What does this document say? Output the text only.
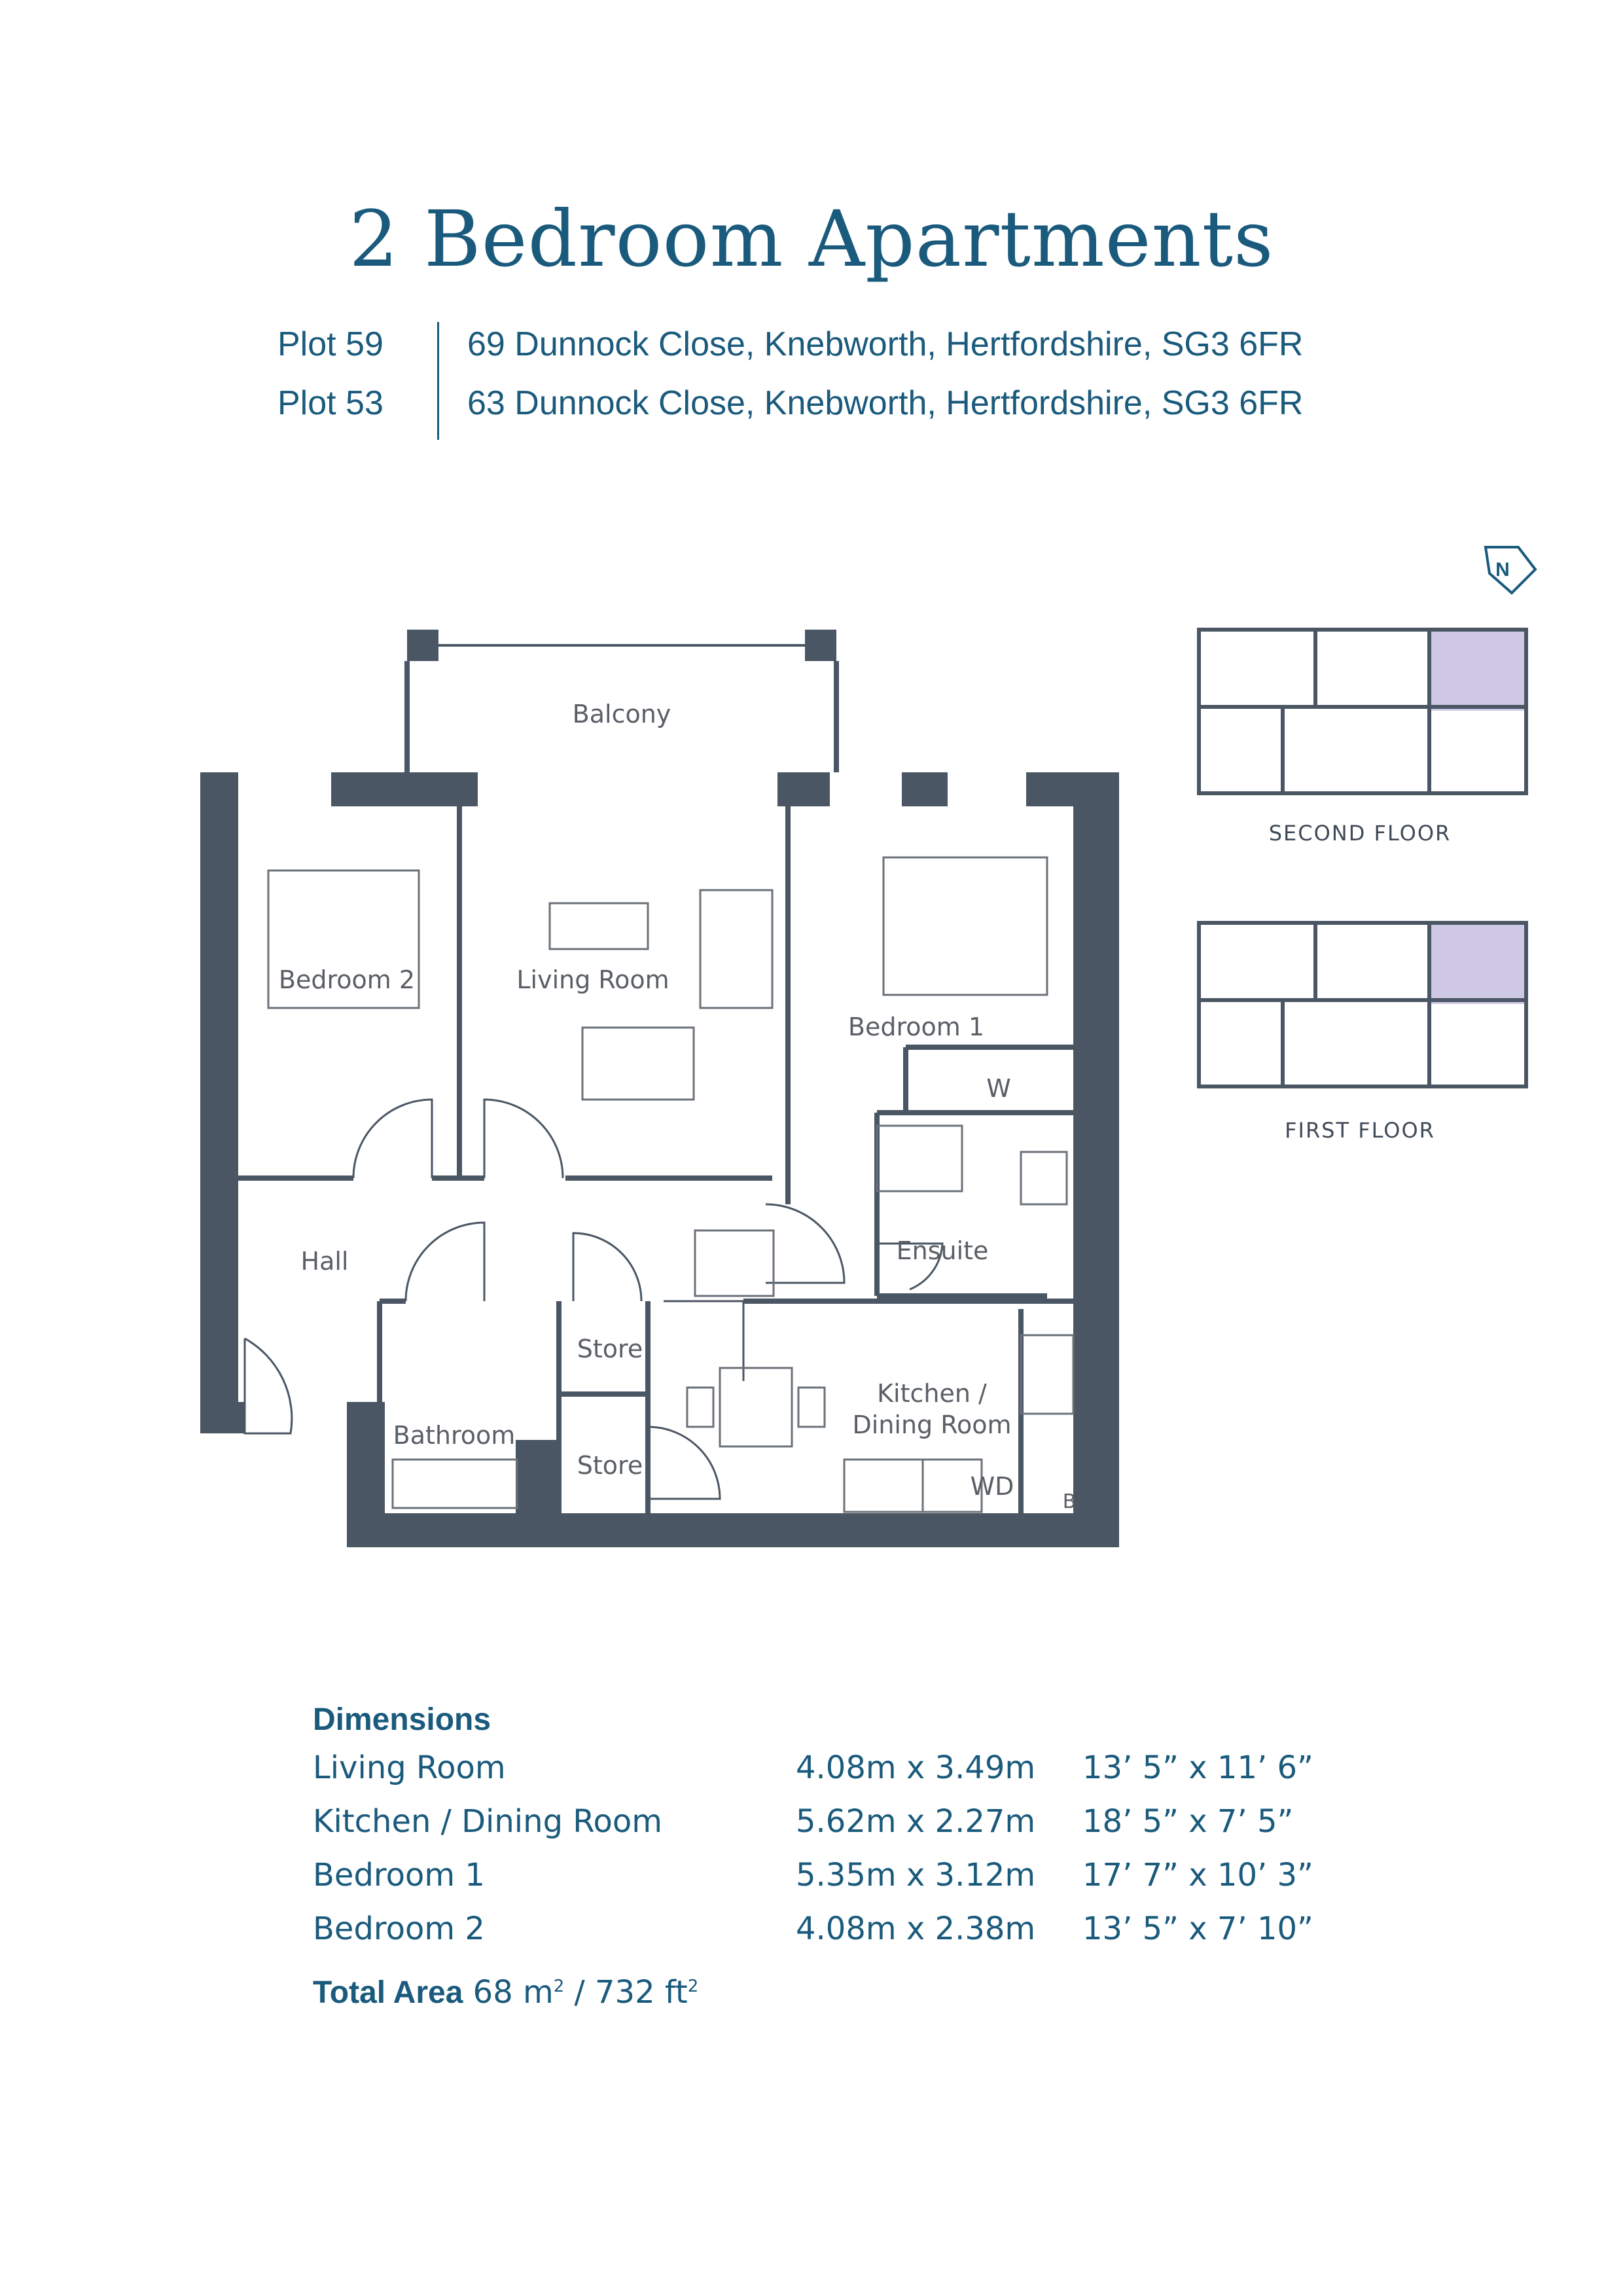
2 Bedroom Apartments
Plot 59 69 Dunnock Close, Knebworth, Hertfordshire, SG3 6FR
Plot 53 63 Dunnock Close, Knebworth, Hertfordshire, SG3 6FR
Balcony
Bedroom 2	Living Room
Bedroom 1
W
Hall	Ensuite
Store
Store
Bathroom
Kitchen /
Dining Room
WD
B
N
SECOND FLOOR
FIRST FLOOR
Dimensions
Living Room	4.08m x 3.49m 13’ 5” x 11’ 6”
Kitchen / Dining Room	5.62m x 2.27m 18’ 5” x 7’ 5”
Bedroom 1	5.35m x 3.12m 17’ 7” x 10’ 3”
Bedroom 2	4.08m x 2.38m 13’ 5” x 7’ 10”
Total Area 68 $m^2 / 732$ $ft^2$
